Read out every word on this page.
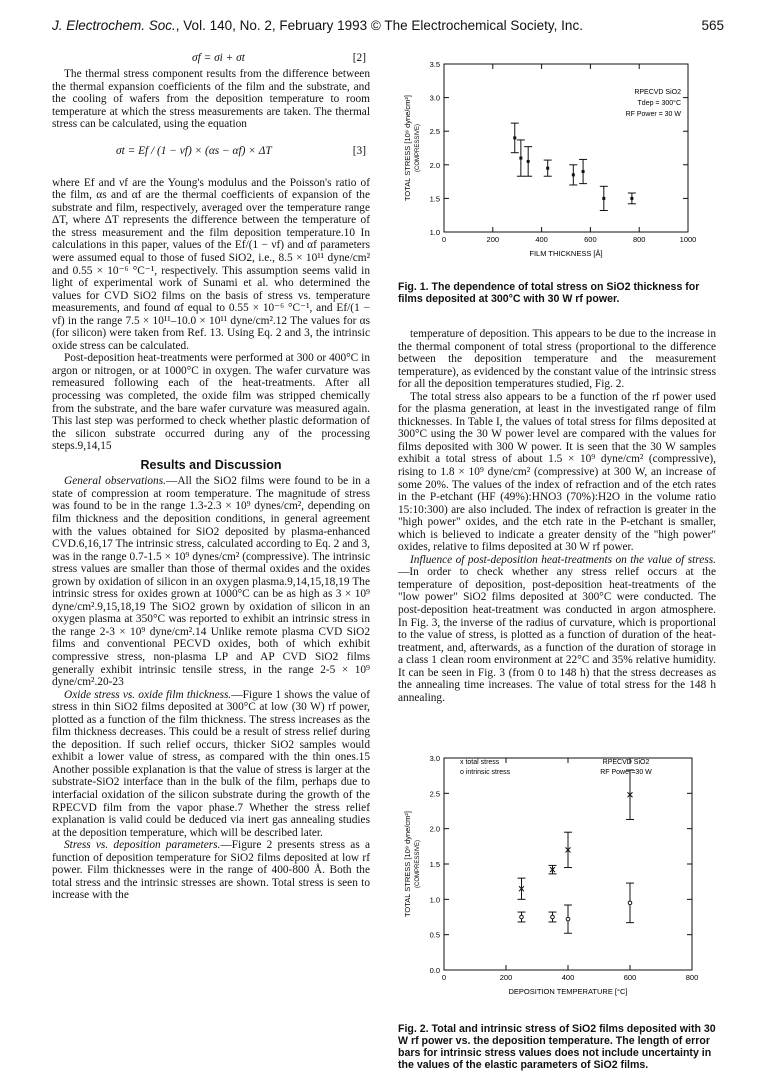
J. Electrochem. Soc., Vol. 140, No. 2, February 1993 © The Electrochemical Society, Inc.	565
σf = σi + σt	[2]

The thermal stress component results from the difference between the thermal expansion coefficients of the film and the substrate, and the cooling of wafers from the deposition temperature to room temperature at which the stress measurements are taken. The thermal stress can be calculated, using the equation

σt = Ef / (1 − νf) × (αs − αf) × ΔT	[3]

where Ef and νf are the Young's modulus and the Poisson's ratio of the film, αs and αf are the thermal coefficients of expansion of the substrate and film, respectively, averaged over the temperature range ΔT, where ΔT represents the difference between the temperature of the stress measurement and the film deposition temperature.10 In calculations in this paper, values of the Ef/(1 − νf) and αf parameters were assumed equal to those of fused SiO2, i.e., 8.5 × 10¹¹ dyne/cm² and 0.55 × 10⁻⁶ °C⁻¹, respectively. This assumption seems valid in light of experimental work of Sunami et al. who determined the values for CVD SiO2 films on the basis of stress vs. temperature measurements, and found αf equal to 0.55 × 10⁻⁶ °C⁻¹, and Ef/(1 − νf) in the range 7.5 × 10¹¹–10.0 × 10¹¹ dyne/cm².12 The values for αs (for silicon) were taken from Ref. 13. Using Eq. 2 and 3, the intrinsic oxide stress can be calculated.

Post-deposition heat-treatments were performed at 300 or 400°C in argon or nitrogen, or at 1000°C in oxygen. The wafer curvature was remeasured following each of the heat-treatments. After all processing was completed, the oxide film was stripped chemically from the substrate, and the bare wafer curvature was measured again. This last step was performed to check whether plastic deformation of the silicon substrate occurred during any of the processing steps.9,14,15

Results and Discussion

General observations.—All the SiO2 films were found to be in a state of compression at room temperature. The magnitude of stress was found to be in the range 1.3-2.3 × 10⁹ dynes/cm², depending on film thickness and the deposition conditions, in general agreement with the values obtained for SiO2 deposited by plasma-enhanced CVD.6,16,17 The intrinsic stress, calculated according to Eq. 2 and 3, was in the range 0.7-1.5 × 10⁹ dynes/cm² (compressive). The intrinsic stress values are smaller than those of thermal oxides and the oxides grown by oxidation of silicon in an oxygen plasma.9,14,15,18,19 The intrinsic stress for oxides grown at 1000°C can be as high as 3 × 10⁹ dyne/cm².9,15,18,19 The SiO2 grown by oxidation of silicon in an oxygen plasma at 350°C was reported to exhibit an intrinsic stress in the range 2-3 × 10⁹ dyne/cm².14 Unlike remote plasma CVD SiO2 films and conventional PECVD oxides, both of which exhibit compressive stress, non-plasma LP and AP CVD SiO2 films generally exhibit intrinsic tensile stress, in the range 2-5 × 10⁹ dyne/cm².20-23

Oxide stress vs. oxide film thickness.—Figure 1 shows the value of stress in thin SiO2 films deposited at 300°C at low (30 W) rf power, plotted as a function of the film thickness. The stress increases as the film thickness decreases. This could be a result of stress relief during the deposition. If such relief occurs, thicker SiO2 samples would exhibit a lower value of stress, as compared with the thin ones.15 Another possible explanation is that the value of stress is larger at the substrate-SiO2 interface than in the bulk of the film, perhaps due to interfacial oxidation of the silicon substrate during the growth of the RPECVD film from the vapor phase.7 Whether the stress relief explanation is valid could be deduced via inert gas annealing studies at the deposition temperature, which will be described later.

Stress vs. deposition parameters.—Figure 2 presents stress as a function of deposition temperature for SiO2 films deposited at low rf power. Film thicknesses were in the range of 400-800 Å. Both the total stress and the intrinsic stresses are shown. Total stress is seen to increase with the

0	200	400	600	800	1000
1.0
1.5
2.0
2.5
3.0
3.5
FILM THICKNESS [Å]
TOTAL STRESS [10⁹ dyne/cm²] (COMPRESSIVE)
RPECVD SiO2
Tdep = 300°C
RF Power = 30 W
Fig. 1. The dependence of total stress on SiO2 thickness for films deposited at 300°C with 30 W rf power.

temperature of deposition. This appears to be due to the increase in the thermal component of total stress (proportional to the difference between the deposition temperature and the measurement temperature), as evidenced by the constant value of the intrinsic stress for all the deposition temperatures studied, Fig. 2.

The total stress also appears to be a function of the rf power used for the plasma generation, at least in the investigated range of film thicknesses. In Table I, the values of total stress for films deposited at 300°C using the 30 W power level are compared with the values for films deposited with 300 W power. It is seen that the 30 W samples exhibit a total stress of about 1.5 × 10⁹ dyne/cm² (compressive), rising to 1.8 × 10⁹ dyne/cm² (compressive) at 300 W, an increase of some 20%. The values of the index of refraction and of the etch rates in the P-etchant (HF (49%):HNO3 (70%):H2O in the volume ratio 15:10:300) are also included. The index of refraction is greater in the "high power" oxides, and the etch rate in the P-etchant is smaller, which is believed to indicate a greater density of the "high power" oxides, relative to films deposited at 30 W rf power.

Influence of post-deposition heat-treatments on the value of stress.—In order to check whether any stress relief occurs at the temperature of deposition, post-deposition heat-treatments of the "low power" SiO2 films deposited at 300°C were conducted. The post-deposition heat-treatment was conducted in argon atmosphere. In Fig. 3, the inverse of the radius of curvature, which is proportional to the value of stress, is plotted as a function of duration of the heat-treatment, and, afterwards, as a function of the duration of storage in a class 1 clean room environment at 22°C and 35% relative humidity. It can be seen in Fig. 3 (from 0 to 148 h) that the stress decreases as the annealing time increases. The value of total stress for the 148 h annealing.

0	200	400	600	800
0.0
0.5
1.0
1.5
2.0
2.5
3.0
DEPOSITION TEMPERATURE [°C]
TOTAL STRESS [10⁹ dyne/cm²] (COMPRESSIVE)
x total stress
o intrinsic stress
RPECVD SiO2
RF Power=30 W
Fig. 2. Total and intrinsic stress of SiO2 films deposited with 30 W rf power vs. the deposition temperature. The length of error bars for intrinsic stress values does not include uncertainty in the values of the elastic parameters of SiO2 films.
